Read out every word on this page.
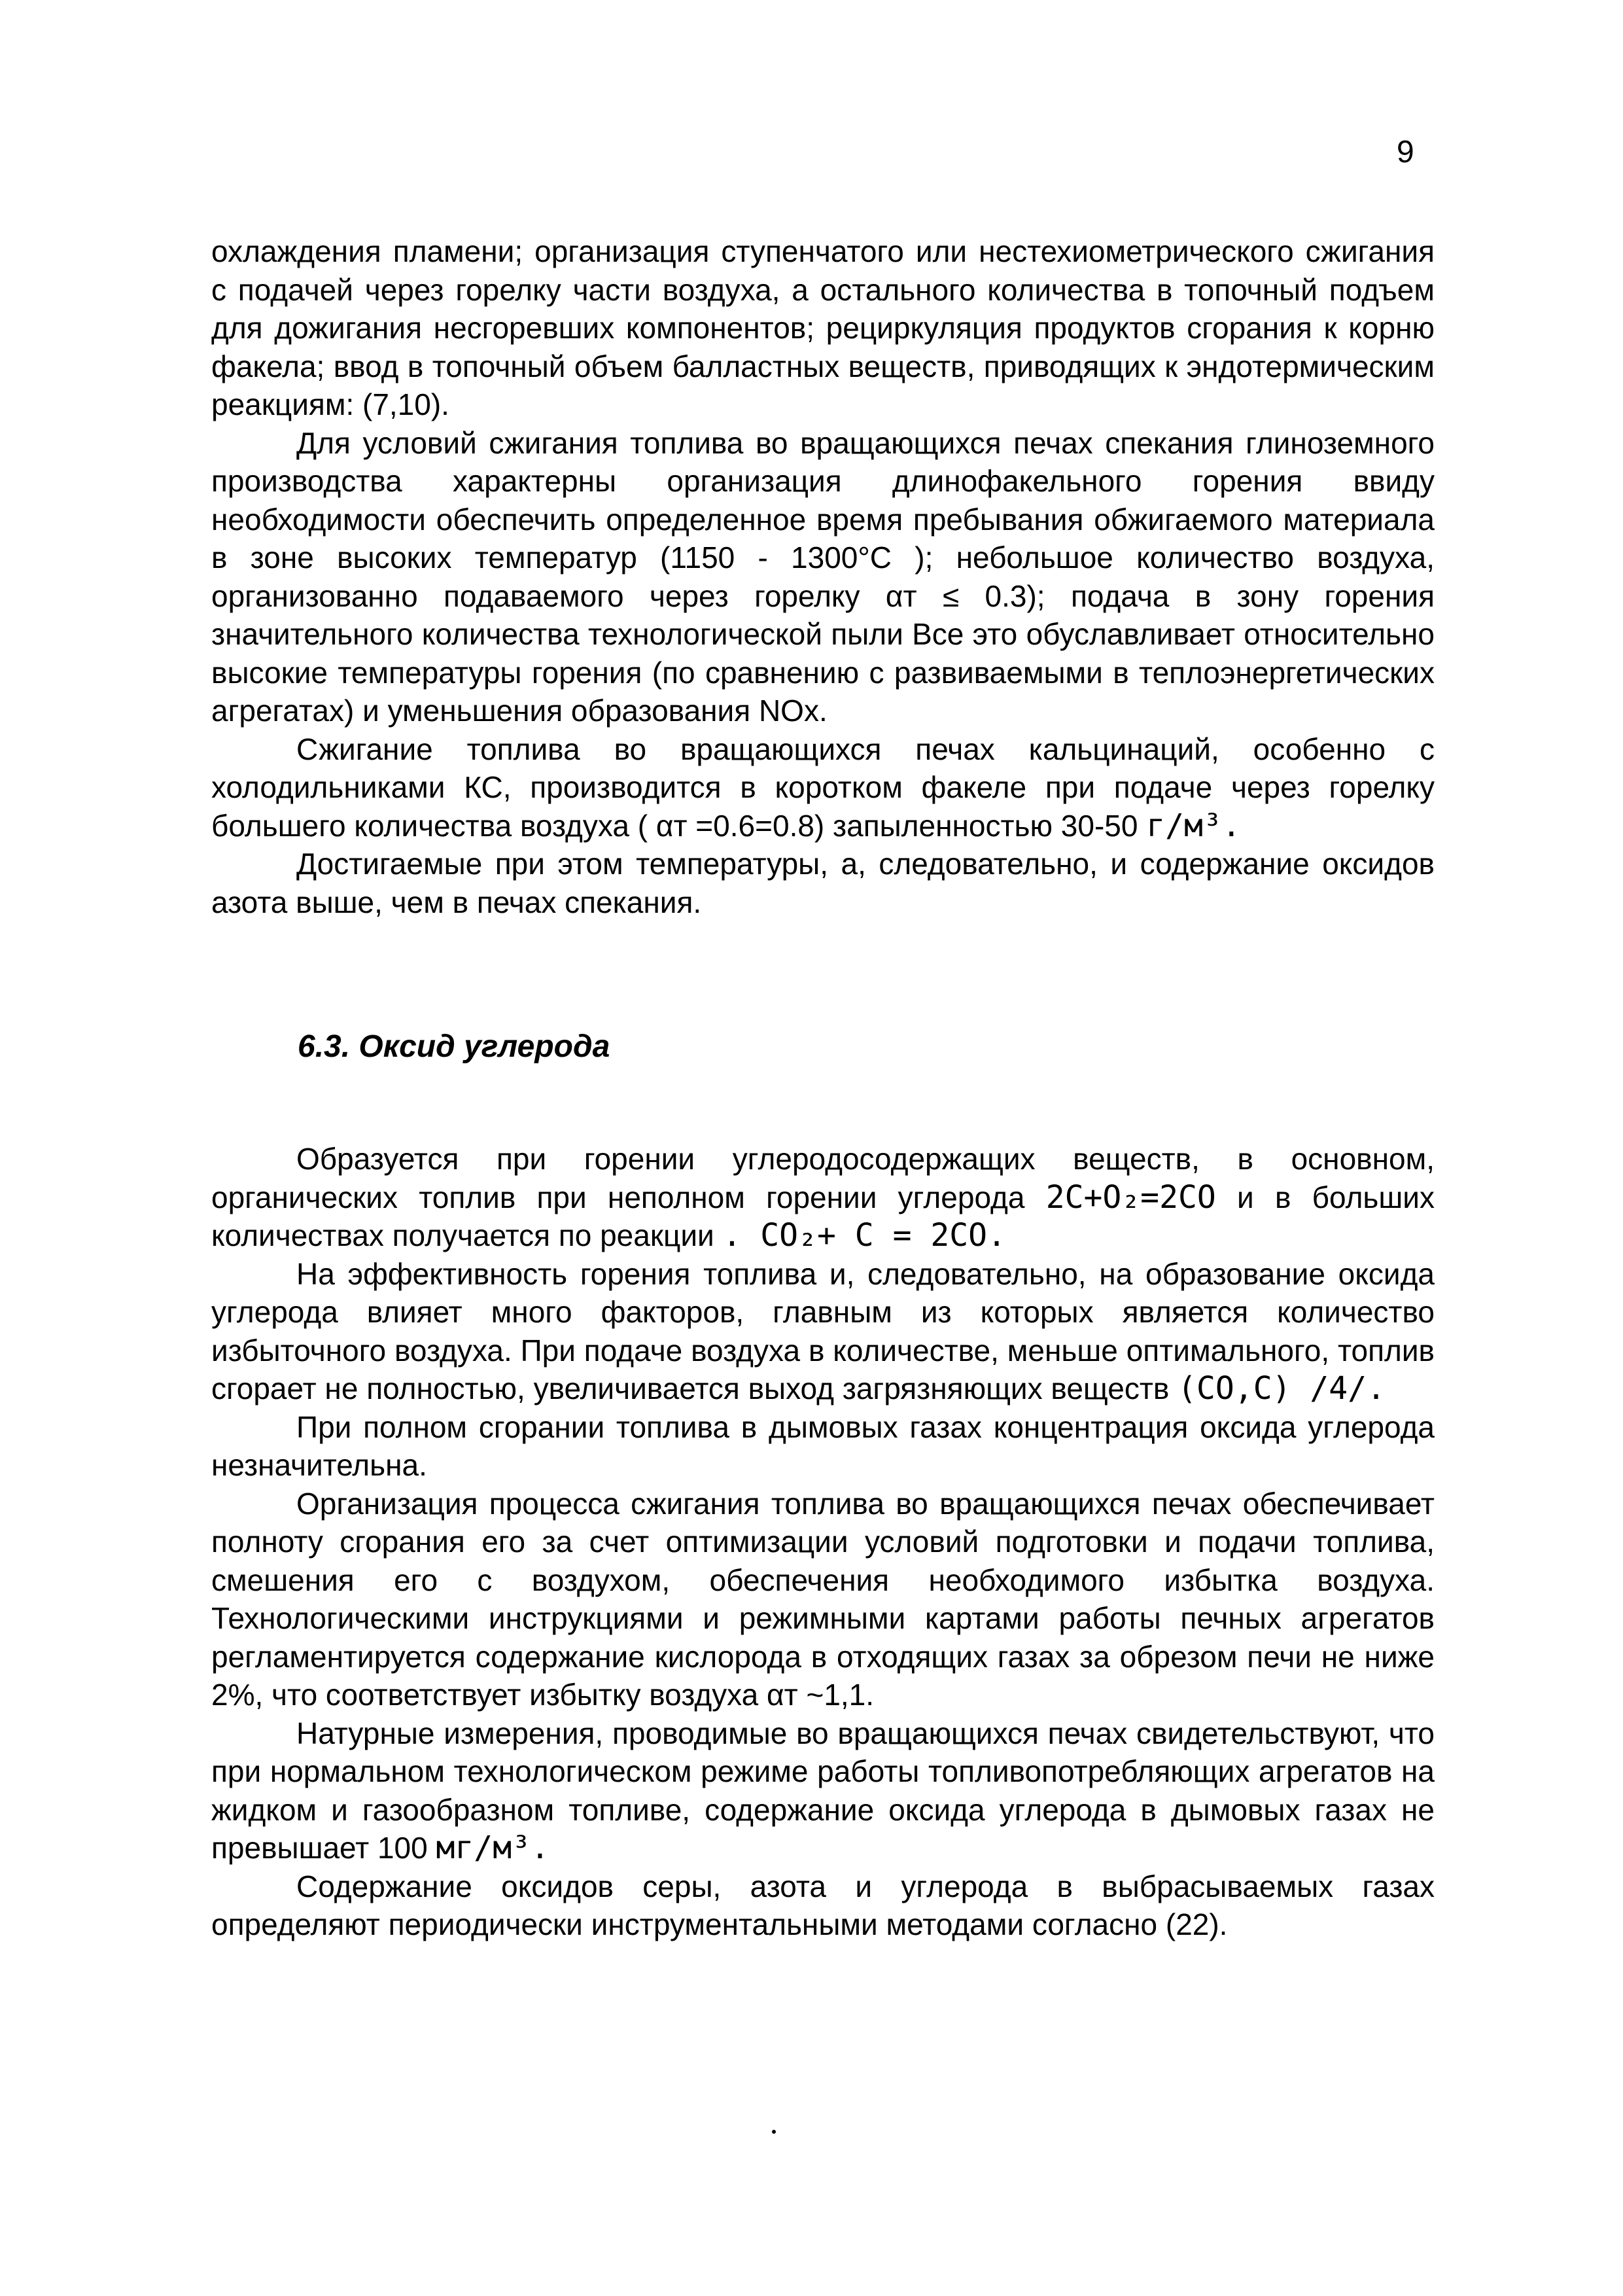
9

охлаждения пламени; организация ступенчатого или нестехиометрического сжигания с подачей через горелку части воздуха, а остального количества в топочный подъем для дожигания несгоревших компонентов; рециркуляция продуктов сгорания к корню факела; ввод в топочный объем балластных веществ, приводящих к эндотермическим реакциям: (7,10).

Для условий сжигания топлива во вращающихся печах спекания глиноземного производства характерны организация длинофакельного горения ввиду необходимости обеспечить определенное время пребывания обжигаемого материала в зоне высоких температур (1150 - 1300°С ); небольшое количество воздуха, организованно подаваемого через горелку αт ≤ 0.3); подача в зону горения значительного количества технологической пыли Все это обуславливает относительно высокие температуры горения (по сравнению с развиваемыми в теплоэнергетических агрегатах) и уменьшения образования NOх.

Сжигание топлива во вращающихся печах кальцинаций, особенно с холодильниками КС, производится в коротком факеле при подаче через горелку большего количества воздуха ( αт =0.6=0.8) запыленностью 30-50 г/м³.

Достигаемые при этом температуры, а, следовательно, и содержание оксидов азота выше, чем в печах спекания.

6.3. Оксид углерода

Образуется при горении углеродосодержащих веществ, в основном, органических топлив при неполном горении углерода 2С+О₂=2СО и в больших количествах получается по реакции . СО₂+ С = 2СО.

На эффективность горения топлива и, следовательно, на образование оксида углерода влияет много факторов, главным из которых является количество избыточного воздуха. При подаче воздуха в количестве, меньше оптимального, топлив сгорает не полностью, увеличивается выход загрязняющих веществ (СО,С) /4/.

При полном сгорании топлива в дымовых газах концентрация оксида углерода незначительна.

Организация процесса сжигания топлива во вращающихся печах обеспечивает полноту сгорания его за счет оптимизации условий подготовки и подачи топлива, смешения его с воздухом, обеспечения необходимого избытка воздуха. Технологическими инструкциями и режимными картами работы печных агрегатов регламентируется содержание кислорода в отходящих газах за обрезом печи не ниже 2%, что соответствует избытку воздуха αт ~1,1.

Натурные измерения, проводимые во вращающихся печах свидетельствуют, что при нормальном технологическом режиме работы топливопотребляющих агрегатов на жидком и газообразном топливе, содержание оксида углерода в дымовых газах не превышает 100 мг/м³.

Содержание оксидов серы, азота и углерода в выбрасываемых газах определяют периодически инструментальными методами согласно (22).
